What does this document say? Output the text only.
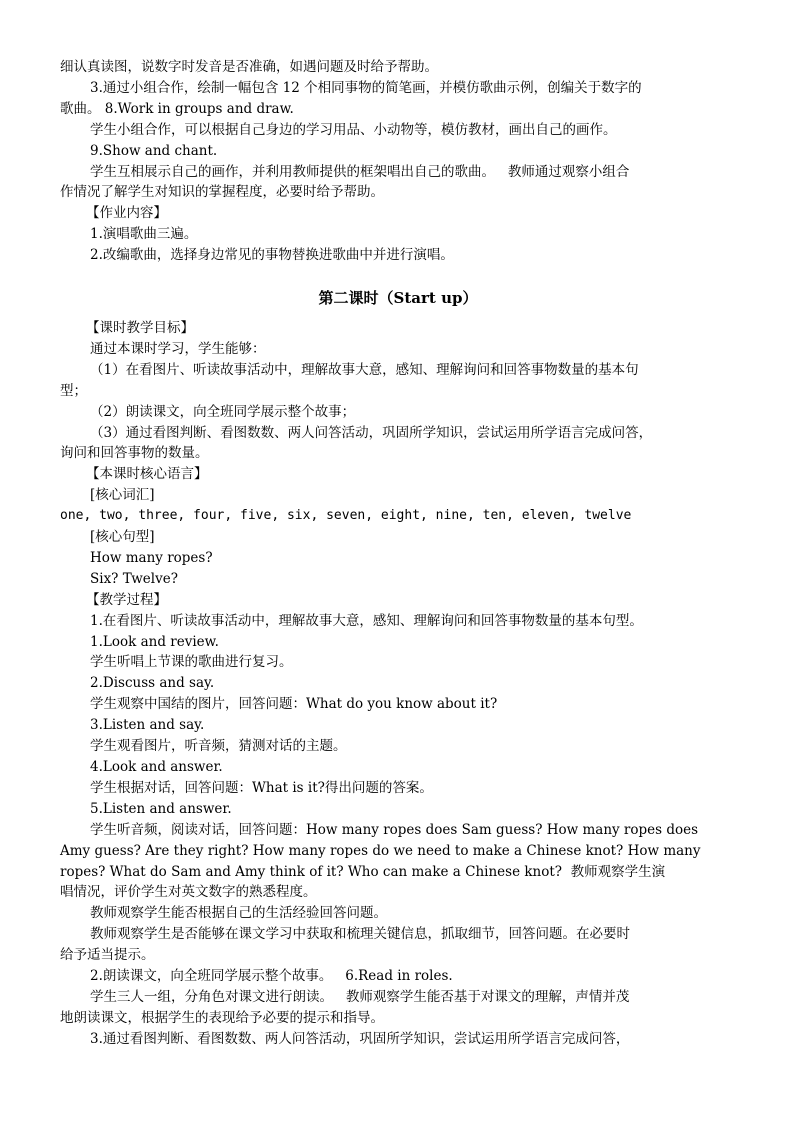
细认真读图，说数字时发音是否准确，如遇问题及时给予帮助。
3.通过小组合作，绘制一幅包含 12 个相同事物的简笔画，并模仿歌曲示例，创编关于数字的
歌曲。 8.Work in groups and draw.
学生小组合作，可以根据自己身边的学习用品、小动物等，模仿教材，画出自己的画作。
9.Show and chant.
学生互相展示自己的画作，并利用教师提供的框架唱出自己的歌曲。   教师通过观察小组合
作情况了解学生对知识的掌握程度，必要时给予帮助。
【作业内容】
1.演唱歌曲三遍。
2.改编歌曲，选择身边常见的事物替换进歌曲中并进行演唱。
第二课时（Start up）
【课时教学目标】
通过本课时学习，学生能够：
（1）在看图片、听读故事活动中，理解故事大意，感知、理解询问和回答事物数量的基本句
型；
（2）朗读课文，向全班同学展示整个故事；
（3）通过看图判断、看图数数、两人问答活动，巩固所学知识，尝试运用所学语言完成问答，
询问和回答事物的数量。
【本课时核心语言】
[核心词汇]
one, two, three, four, five, six, seven, eight, nine, ten, eleven, twelve
[核心句型]
How many ropes?
Six? Twelve?
【教学过程】
1.在看图片、听读故事活动中，理解故事大意，感知、理解询问和回答事物数量的基本句型。
1.Look and review.
学生听唱上节课的歌曲进行复习。
2.Discuss and say.
学生观察中国结的图片，回答问题：What do you know about it?
3.Listen and say.
学生观看图片，听音频，猜测对话的主题。
4.Look and answer.
学生根据对话，回答问题：What is it?得出问题的答案。
5.Listen and answer.
学生听音频，阅读对话，回答问题：How many ropes does Sam guess? How many ropes does
Amy guess? Are they right? How many ropes do we need to make a Chinese knot? How many
ropes? What do Sam and Amy think of it? Who can make a Chinese knot?  教师观察学生演
唱情况，评价学生对英文数字的熟悉程度。
教师观察学生能否根据自己的生活经验回答问题。
教师观察学生是否能够在课文学习中获取和梳理关键信息，抓取细节，回答问题。在必要时
给予适当提示。
2.朗读课文，向全班同学展示整个故事。   6.Read in roles.
学生三人一组，分角色对课文进行朗读。   教师观察学生能否基于对课文的理解，声情并茂
地朗读课文，根据学生的表现给予必要的提示和指导。
3.通过看图判断、看图数数、两人问答活动，巩固所学知识，尝试运用所学语言完成问答，
